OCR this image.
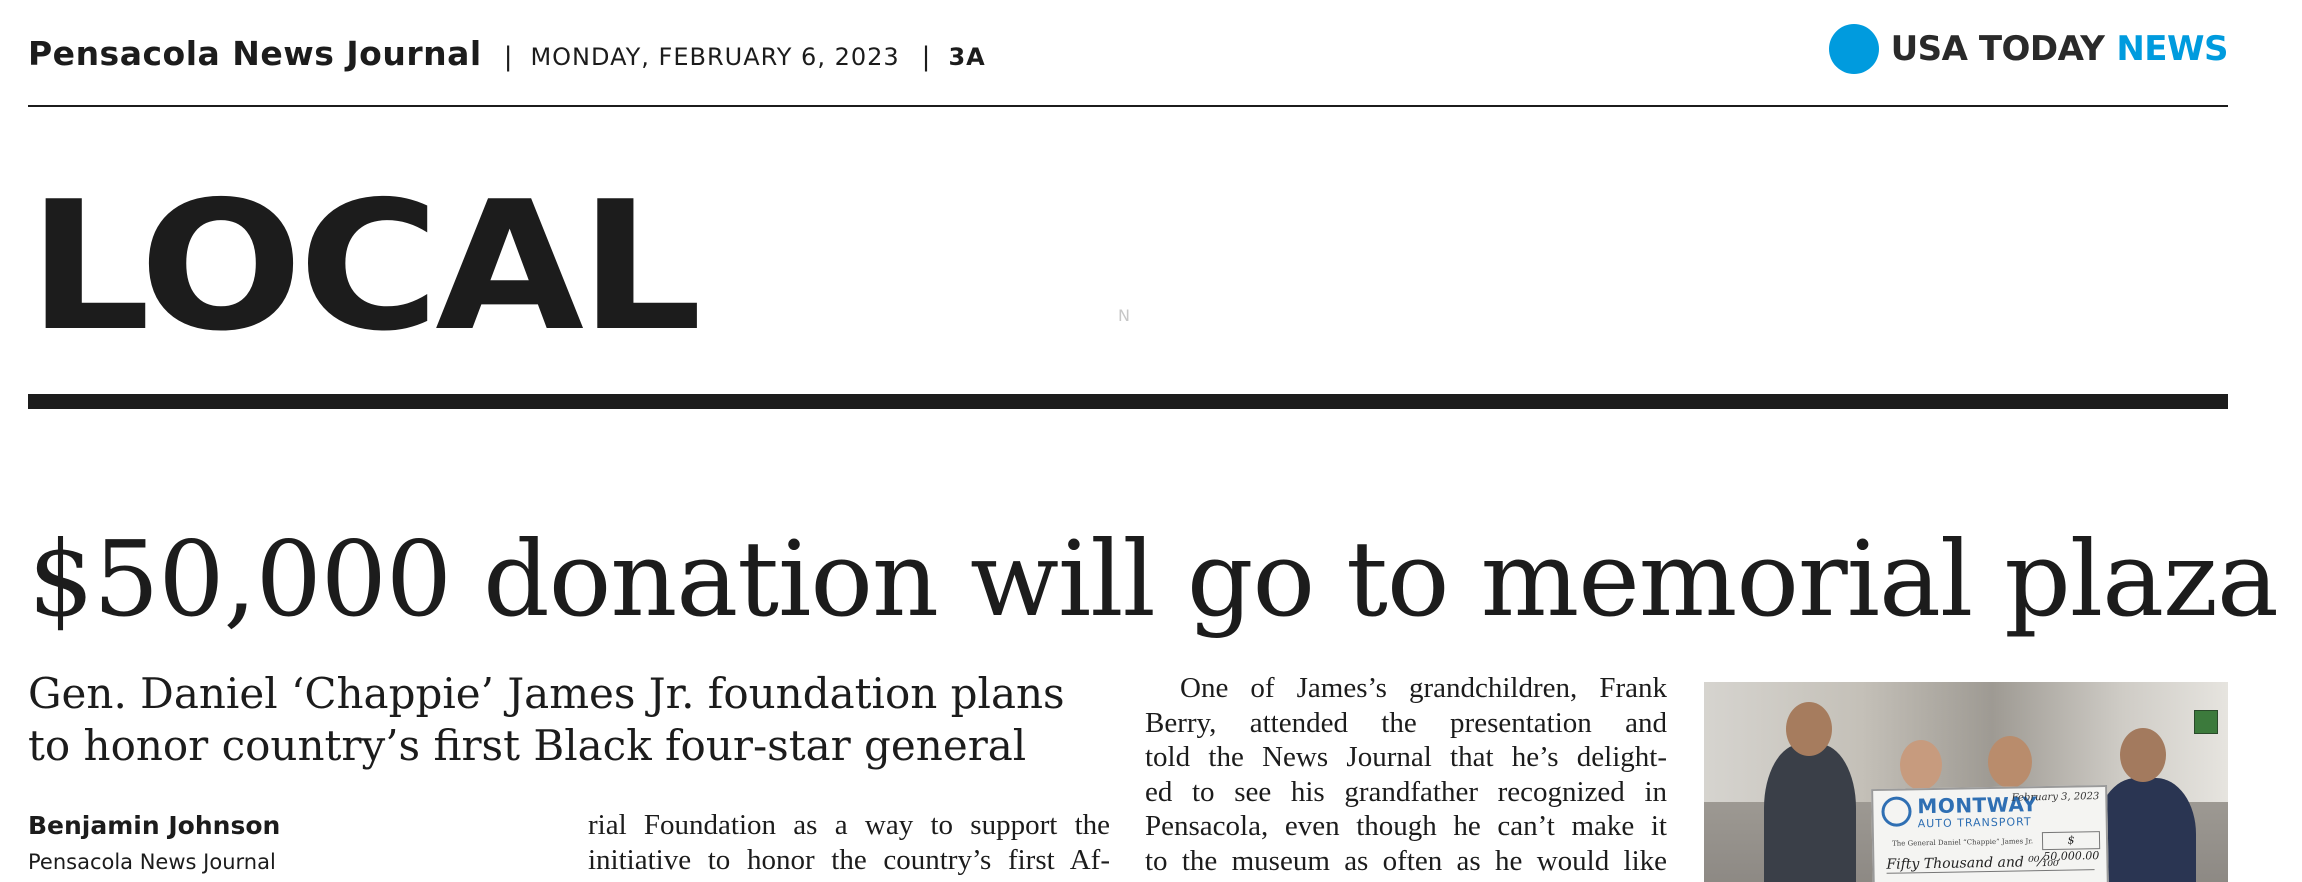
Pensacola News Journal | MONDAY, FEBRUARY 6, 2023 | 3A	USA TODAY NEWS
LOCAL	N
$50,000 donation will go to memorial plaza
Gen. Daniel ‘Chappie’ James Jr. foundation plans
to honor country’s first Black four-star general
Benjamin Johnson
Pensacola News Journal
rial Foundation as a way to support the
initiative to honor the country’s first Af-
One of James’s grandchildren, Frank
Berry, attended the presentation and
told the News Journal that he’s delight-
ed to see his grandfather recognized in
Pensacola, even though he can’t make it
to the museum as often as he would like
MONTWAY
AUTO TRANSPORT
February 3, 2023
The General Daniel “Chappie” James Jr.	$ 50,000.00
Fifty Thousand and ⁰⁰⁄₁₀₀
